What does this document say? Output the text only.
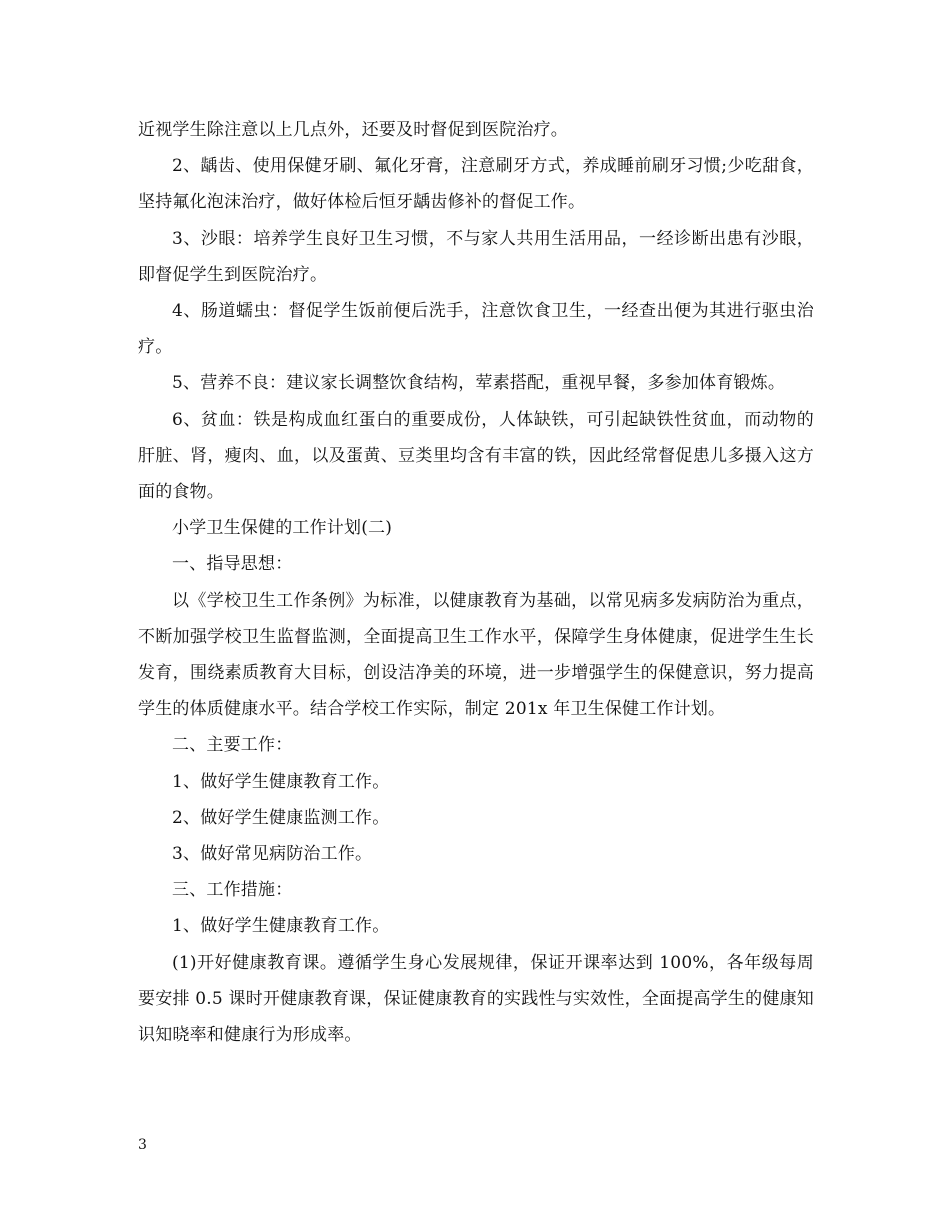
近视学生除注意以上几点外，还要及时督促到医院治疗。

2、龋齿、使用保健牙刷、氟化牙膏，注意刷牙方式，养成睡前刷牙习惯;少吃甜食，坚持氟化泡沫治疗，做好体检后恒牙龋齿修补的督促工作。

3、沙眼：培养学生良好卫生习惯，不与家人共用生活用品，一经诊断出患有沙眼，即督促学生到医院治疗。

4、肠道蠕虫：督促学生饭前便后洗手，注意饮食卫生，一经查出便为其进行驱虫治疗。

5、营养不良：建议家长调整饮食结构，荤素搭配，重视早餐，多参加体育锻炼。

6、贫血：铁是构成血红蛋白的重要成份，人体缺铁，可引起缺铁性贫血，而动物的肝脏、肾，瘦肉、血，以及蛋黄、豆类里均含有丰富的铁，因此经常督促患儿多摄入这方面的食物。

小学卫生保健的工作计划(二)

一、指导思想：

以《学校卫生工作条例》为标准，以健康教育为基础，以常见病多发病防治为重点，不断加强学校卫生监督监测，全面提高卫生工作水平，保障学生身体健康，促进学生生长发育，围绕素质教育大目标，创设洁净美的环境，进一步增强学生的保健意识，努力提高学生的体质健康水平。结合学校工作实际，制定 201x 年卫生保健工作计划。

二、主要工作：

1、做好学生健康教育工作。

2、做好学生健康监测工作。

3、做好常见病防治工作。

三、工作措施：

1、做好学生健康教育工作。

(1)开好健康教育课。遵循学生身心发展规律，保证开课率达到 100%，各年级每周要安排 0.5 课时开健康教育课，保证健康教育的实践性与实效性，全面提高学生的健康知识知晓率和健康行为形成率。

3
